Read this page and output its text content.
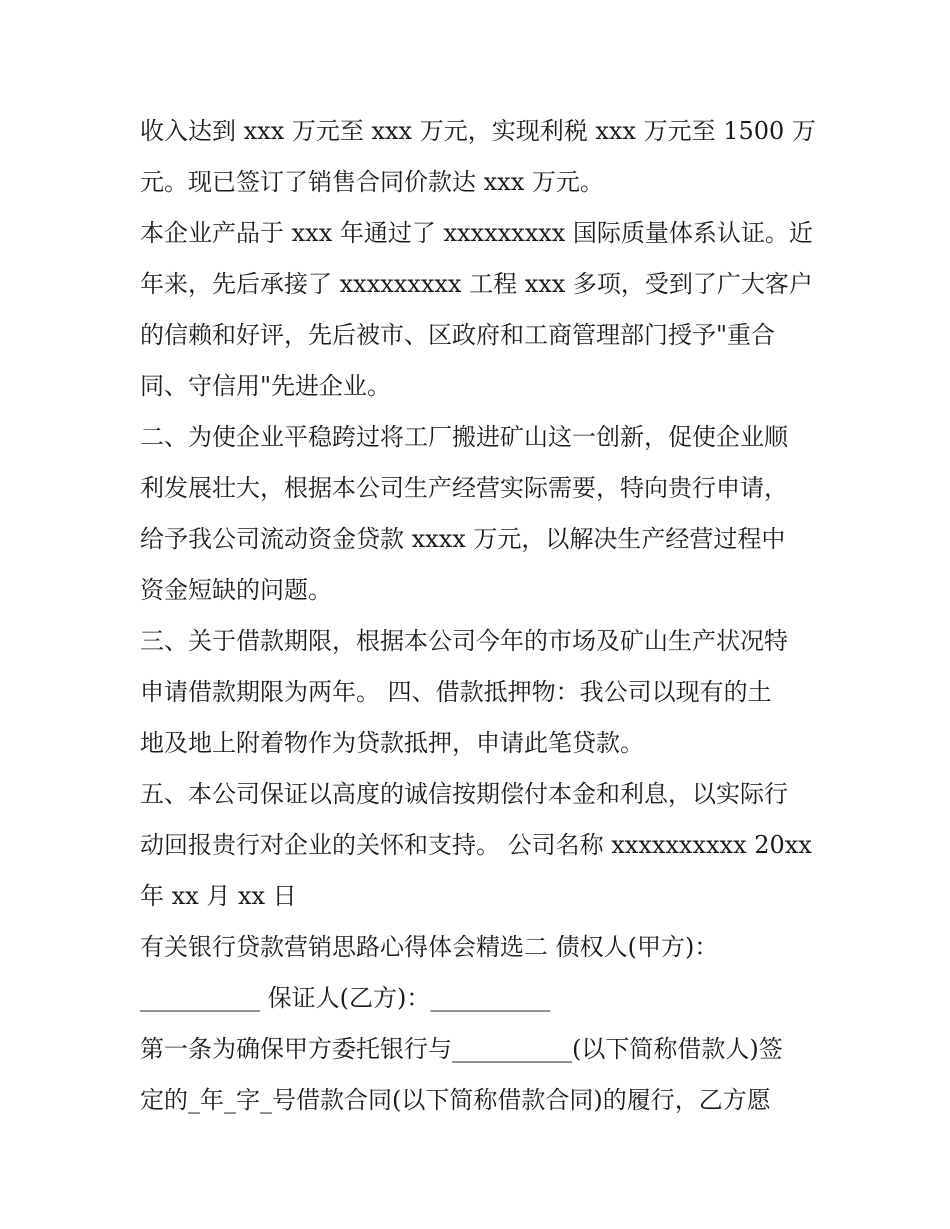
收入达到 xxx 万元至 xxx 万元，实现利税 xxx 万元至 1500 万
元。现已签订了销售合同价款达 xxx 万元。
本企业产品于 xxx 年通过了 xxxxxxxxx 国际质量体系认证。近
年来，先后承接了 xxxxxxxxx 工程 xxx 多项，受到了广大客户
的信赖和好评，先后被市、区政府和工商管理部门授予"重合
同、守信用"先进企业。
二、为使企业平稳跨过将工厂搬进矿山这一创新，促使企业顺
利发展壮大，根据本公司生产经营实际需要，特向贵行申请，
给予我公司流动资金贷款 xxxx 万元，以解决生产经营过程中
资金短缺的问题。
三、关于借款期限，根据本公司今年的市场及矿山生产状况特
申请借款期限为两年。 四、借款抵押物：我公司以现有的土
地及地上附着物作为贷款抵押，申请此笔贷款。
五、本公司保证以高度的诚信按期偿付本金和利息，以实际行
动回报贵行对企业的关怀和支持。 公司名称 xxxxxxxxxx 20xx
年 xx 月 xx 日
有关银行贷款营销思路心得体会精选二 债权人(甲方)：
__________ 保证人(乙方)：__________
第一条为确保甲方委托银行与__________(以下简称借款人)签
定的_年_字_号借款合同(以下简称借款合同)的履行，乙方愿
